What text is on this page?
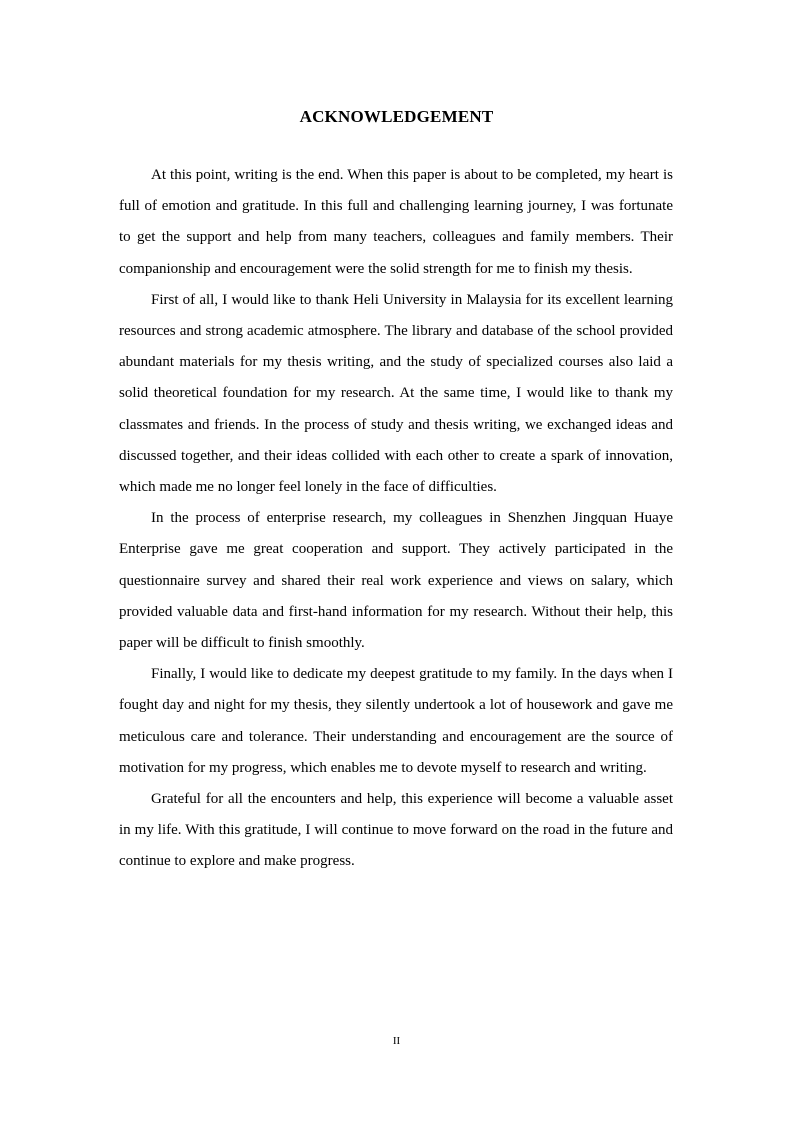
ACKNOWLEDGEMENT

At this point, writing is the end. When this paper is about to be completed, my heart is full of emotion and gratitude. In this full and challenging learning journey, I was fortunate to get the support and help from many teachers, colleagues and family members. Their companionship and encouragement were the solid strength for me to finish my thesis.

First of all, I would like to thank Heli University in Malaysia for its excellent learning resources and strong academic atmosphere. The library and database of the school provided abundant materials for my thesis writing, and the study of specialized courses also laid a solid theoretical foundation for my research. At the same time, I would like to thank my classmates and friends. In the process of study and thesis writing, we exchanged ideas and discussed together, and their ideas collided with each other to create a spark of innovation, which made me no longer feel lonely in the face of difficulties.

In the process of enterprise research, my colleagues in Shenzhen Jingquan Huaye Enterprise gave me great cooperation and support. They actively participated in the questionnaire survey and shared their real work experience and views on salary, which provided valuable data and first-hand information for my research. Without their help, this paper will be difficult to finish smoothly.

Finally, I would like to dedicate my deepest gratitude to my family. In the days when I fought day and night for my thesis, they silently undertook a lot of housework and gave me meticulous care and tolerance. Their understanding and encouragement are the source of motivation for my progress, which enables me to devote myself to research and writing.

Grateful for all the encounters and help, this experience will become a valuable asset in my life. With this gratitude, I will continue to move forward on the road in the future and continue to explore and make progress.

II
